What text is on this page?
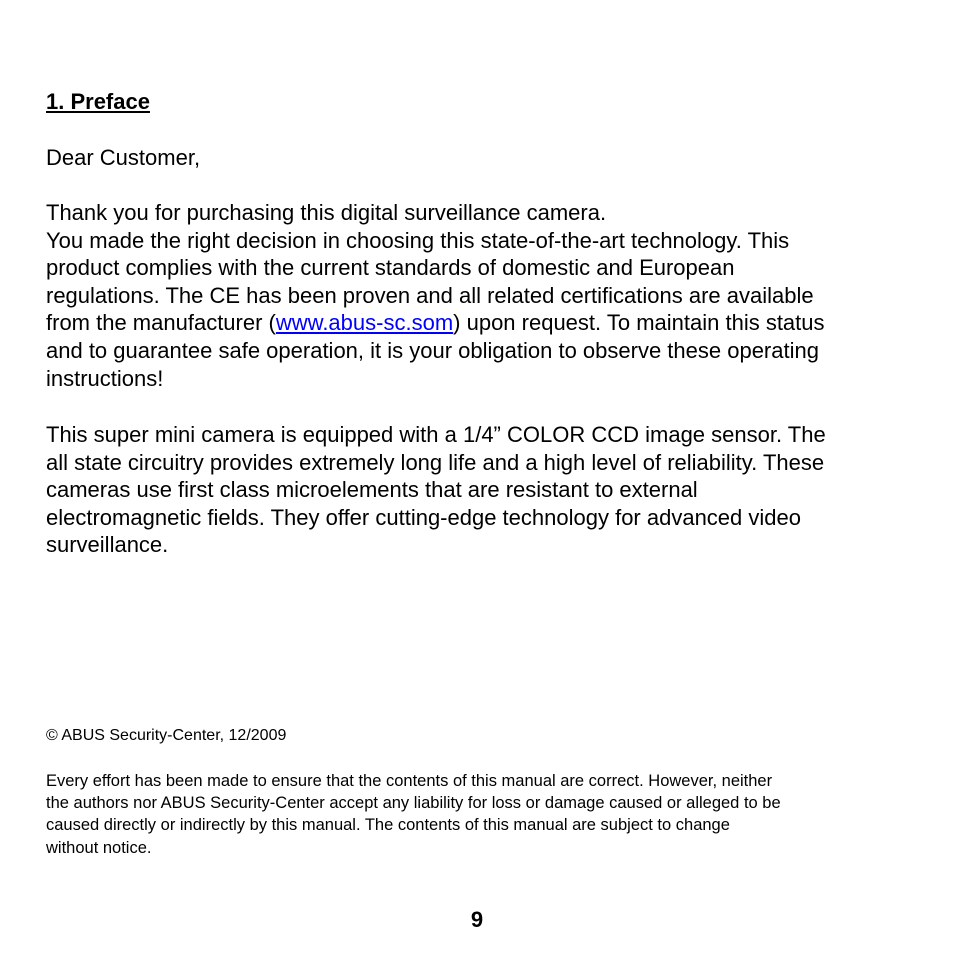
1. Preface

Dear Customer,

Thank you for purchasing this digital surveillance camera.
You made the right decision in choosing this state-of-the-art technology. This
product complies with the current standards of domestic and European
regulations. The CE has been proven and all related certifications are available
from the manufacturer (www.abus-sc.som) upon request. To maintain this status
and to guarantee safe operation, it is your obligation to observe these operating
instructions!
This super mini camera is equipped with a 1/4” COLOR CCD image sensor. The
all state circuitry provides extremely long life and a high level of reliability. These
cameras use first class microelements that are resistant to external
electromagnetic fields. They offer cutting-edge technology for advanced video
surveillance.

© ABUS Security-Center, 12/2009

Every effort has been made to ensure that the contents of this manual are correct. However, neither
the authors nor ABUS Security-Center accept any liability for loss or damage caused or alleged to be
caused directly or indirectly by this manual. The contents of this manual are subject to change
without notice.

9
